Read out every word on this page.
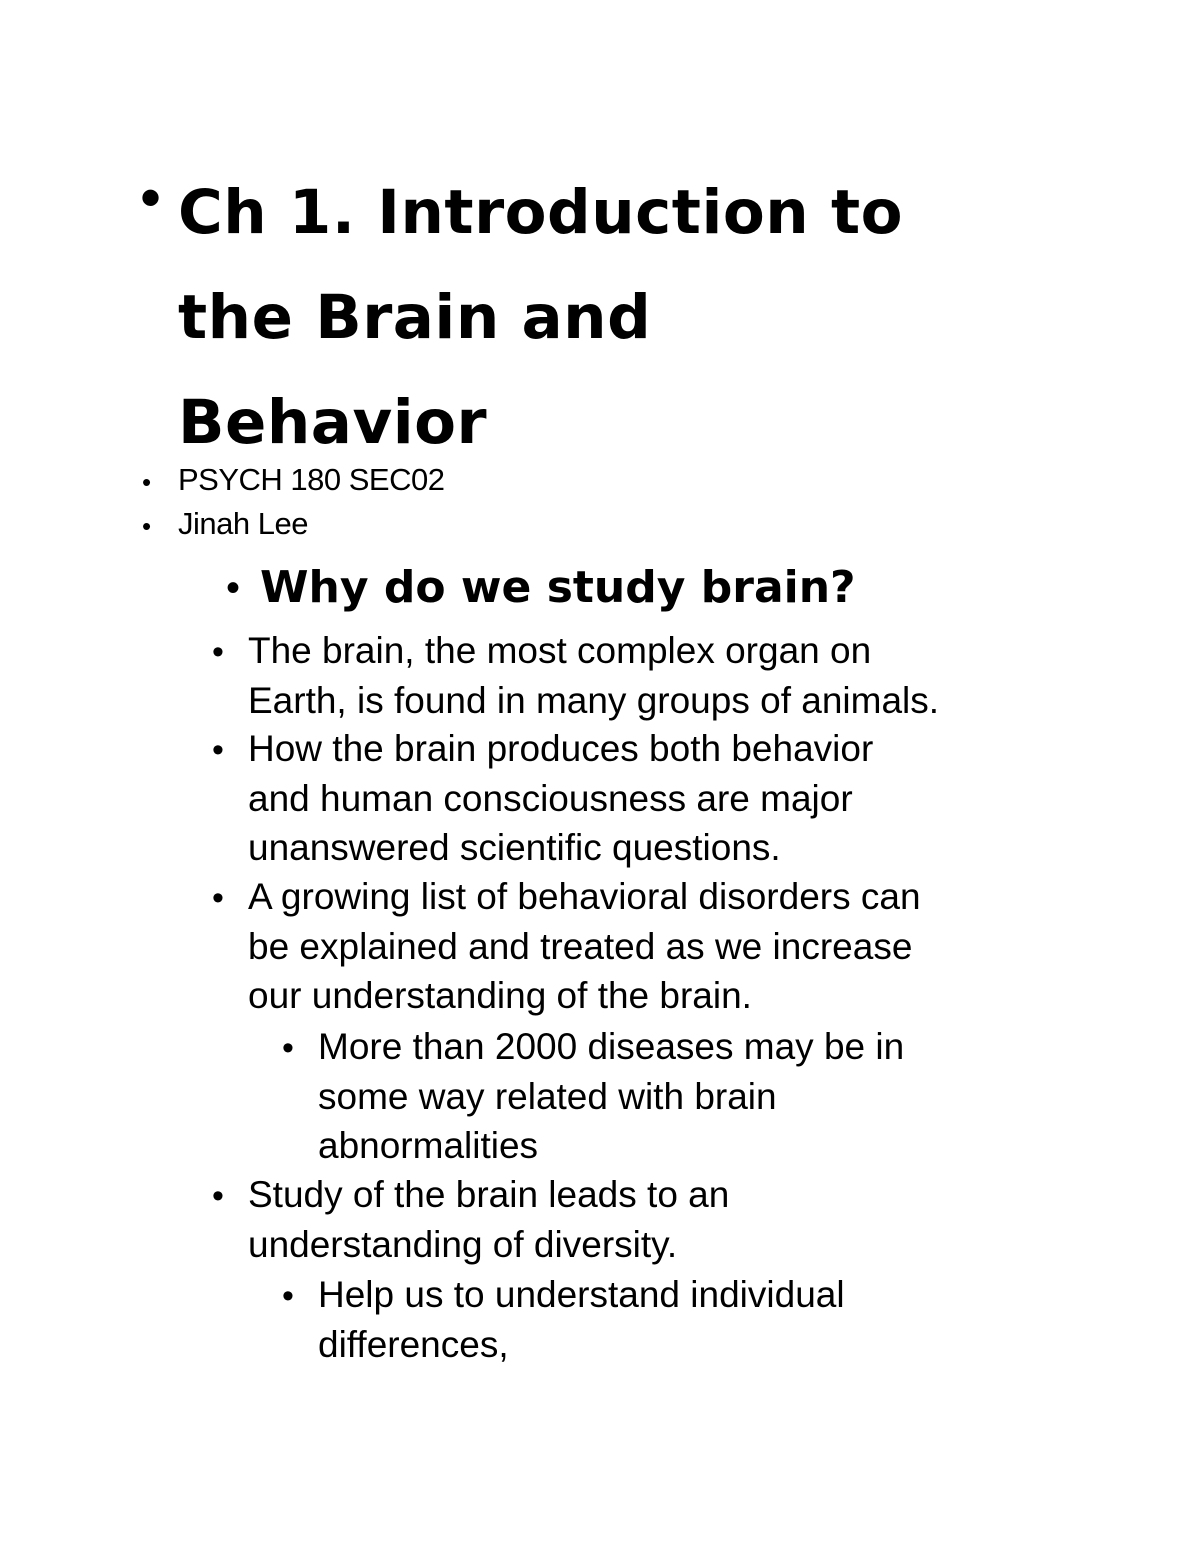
• Ch 1. Introduction to
the Brain and
Behavior
• PSYCH 180 SEC02
• Jinah Lee
• Why do we study brain?
• The brain, the most complex organ on
Earth, is found in many groups of animals.
• How the brain produces both behavior
and human consciousness are major
unanswered scientific questions.
• A growing list of behavioral disorders can
be explained and treated as we increase
our understanding of the brain.
• More than 2000 diseases may be in
some way related with brain
abnormalities
• Study of the brain leads to an
understanding of diversity.
• Help us to understand individual
differences,
